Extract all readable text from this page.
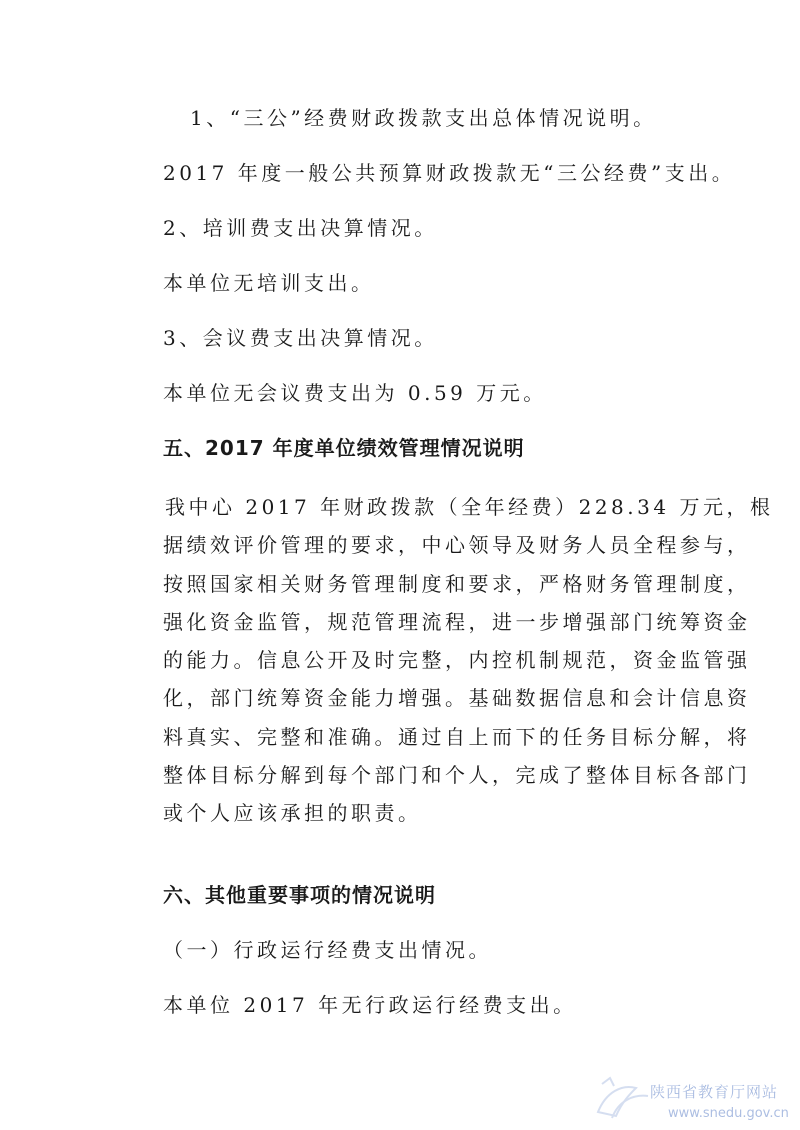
1、“三公”经费财政拨款支出总体情况说明。
2017 年度一般公共预算财政拨款无“三公经费”支出。
2、培训费支出决算情况。
本单位无培训支出。
3、会议费支出决算情况。
本单位无会议费支出为 0.59 万元。
五、2017 年度单位绩效管理情况说明
我中心 2017 年财政拨款（全年经费）228.34 万元，根
据绩效评价管理的要求，中心领导及财务人员全程参与，
按照国家相关财务管理制度和要求，严格财务管理制度，
强化资金监管，规范管理流程，进一步增强部门统筹资金
的能力。信息公开及时完整，内控机制规范，资金监管强
化，部门统筹资金能力增强。基础数据信息和会计信息资
料真实、完整和准确。通过自上而下的任务目标分解，将
整体目标分解到每个部门和个人，完成了整体目标各部门
或个人应该承担的职责。
六、其他重要事项的情况说明
（一）行政运行经费支出情况。
本单位 2017 年无行政运行经费支出。
陕西省教育厅网站
www.snedu.gov.cn
